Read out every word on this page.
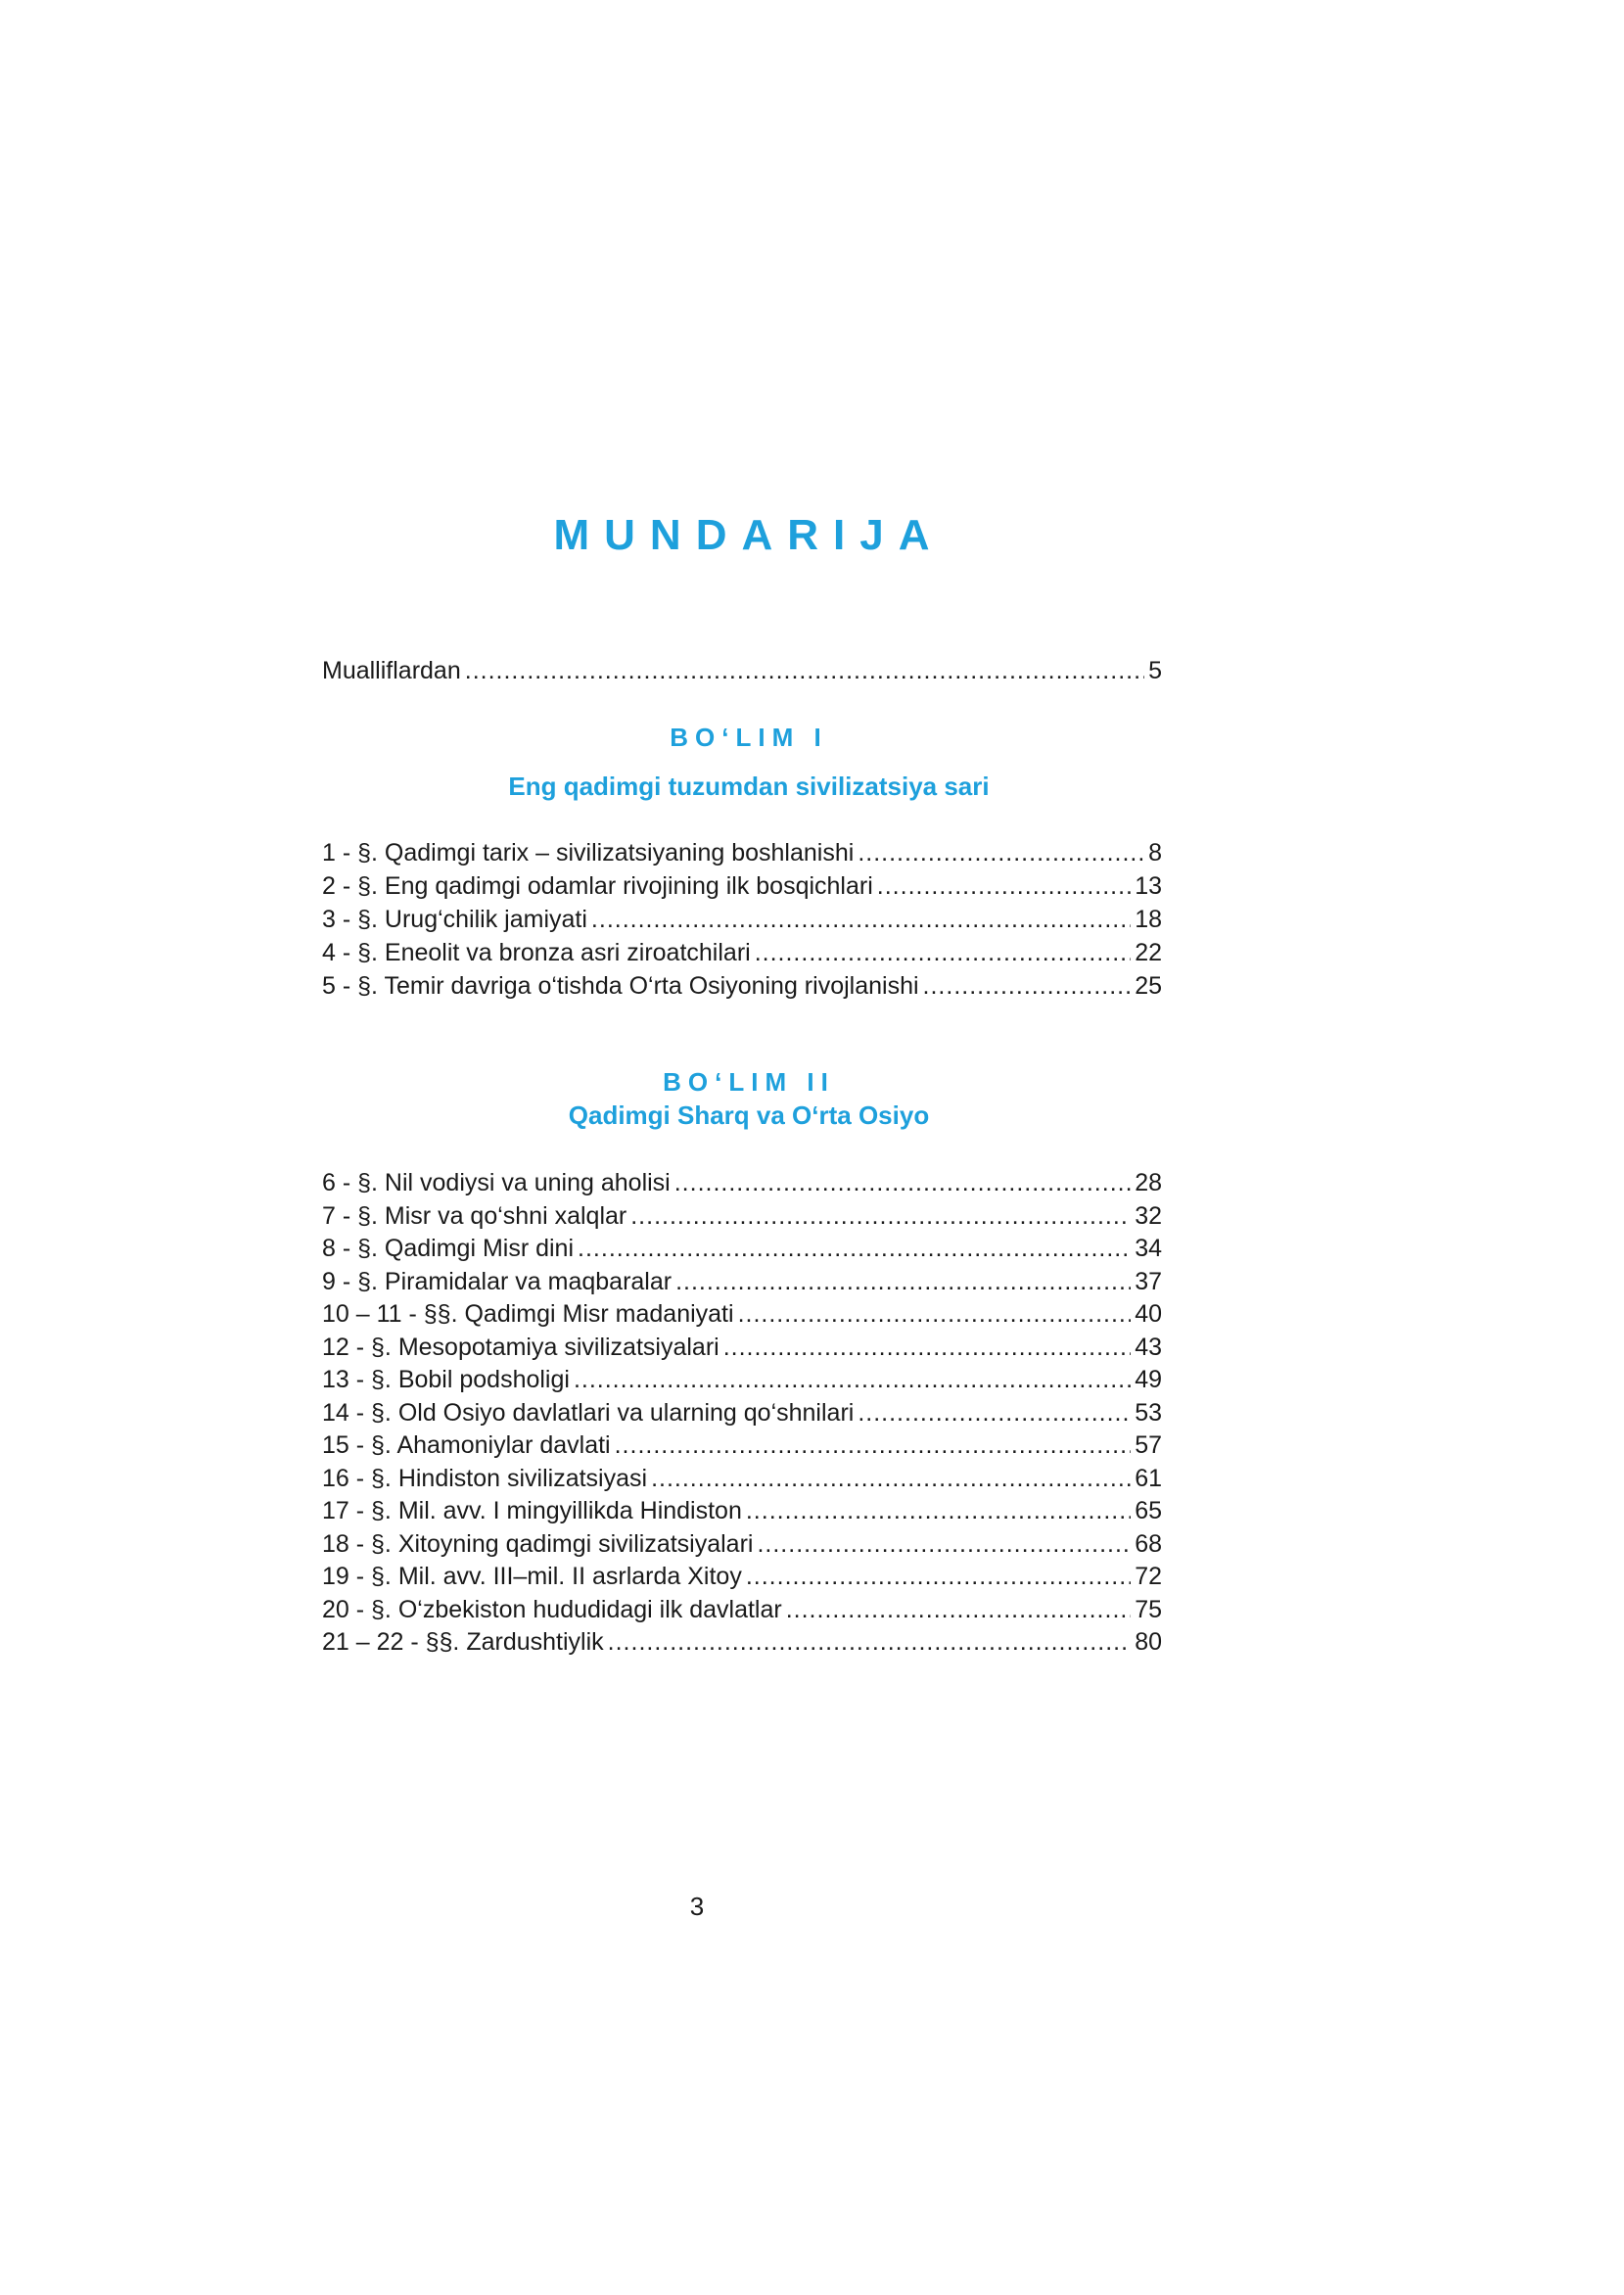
MUNDARIJA
Mualliflardan .....	5
BO‘LIM I
Eng qadimgi tuzumdan sivilizatsiya sari
1 - §. Qadimgi tarix – sivilizatsiyaning boshlanishi .....	8
2 - §. Eng qadimgi odamlar rivojining ilk bosqichlari .....	13
3 - §. Urug‘chilik jamiyati .....	18
4 - §. Eneolit va bronza asri ziroatchilari .....	22
5 - §. Temir davriga o‘tishda O‘rta Osiyoning rivojlanishi .....	25
BO‘LIM II
Qadimgi Sharq va O‘rta Osiyo
6 - §. Nil vodiysi va uning aholisi .....	28
7 - §. Misr va qo‘shni xalqlar .....	32
8 - §. Qadimgi Misr dini .....	34
9 - §. Piramidalar va maqbaralar .....	37
10 – 11 - §§. Qadimgi Misr madaniyati .....	40
12 - §. Mesopotamiya sivilizatsiyalari .....	43
13 - §. Bobil podsholigi .....	49
14 - §. Old Osiyo davlatlari va ularning qo‘shnilari .....	53
15 - §. Ahamoniylar davlati .....	57
16 - §. Hindiston sivilizatsiyasi .....	61
17 - §. Mil. avv. I mingyillikda Hindiston .....	65
18 - §. Xitoyning qadimgi sivilizatsiyalari .....	68
19 - §. Mil. avv. III–mil. II asrlarda Xitoy .....	72
20 - §. O‘zbekiston hududidagi ilk davlatlar .....	75
21 – 22 - §§. Zardushtiylik .....	80
3
